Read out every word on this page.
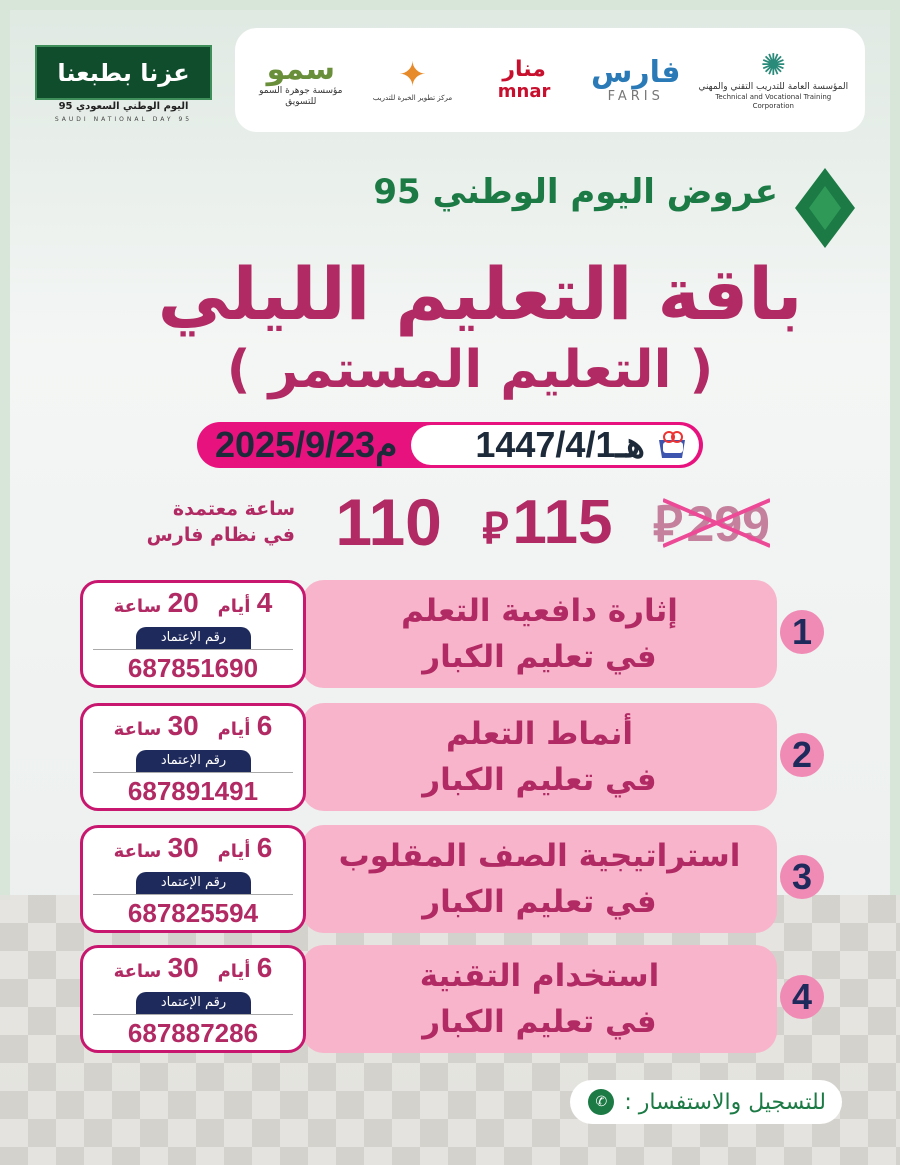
عزنا بطبعنا
اليوم الوطني السعودي 95
SAUDI NATIONAL DAY 95
سمو
مؤسسة جوهرة السمو للتسويق
✦
مركز تطوير الخبرة للتدريب
منار
mnar
فارس
FARIS
✺
المؤسسة العامة للتدريب التقني والمهني
Technical and Vocational Training Corporation
عروض اليوم الوطني 95
باقة التعليم الليلي
( التعليم المستمر )
2025/9/23م 1447/4/1هـ
ساعة معتمدة
في نظام فارس 110 ⃁115 ⃁299
4 أيام   20 ساعة
رقم الإعتماد
687851690
إثارة دافعية التعلم
في تعليم الكبار
1
6 أيام   30 ساعة
رقم الإعتماد
687891491
أنماط التعلم
في تعليم الكبار
2
6 أيام   30 ساعة
رقم الإعتماد
687825594
استراتيجية الصف المقلوب
في تعليم الكبار
3
6 أيام   30 ساعة
رقم الإعتماد
687887286
استخدام التقنية
في تعليم الكبار
4
للتسجيل والاستفسار :
✆
